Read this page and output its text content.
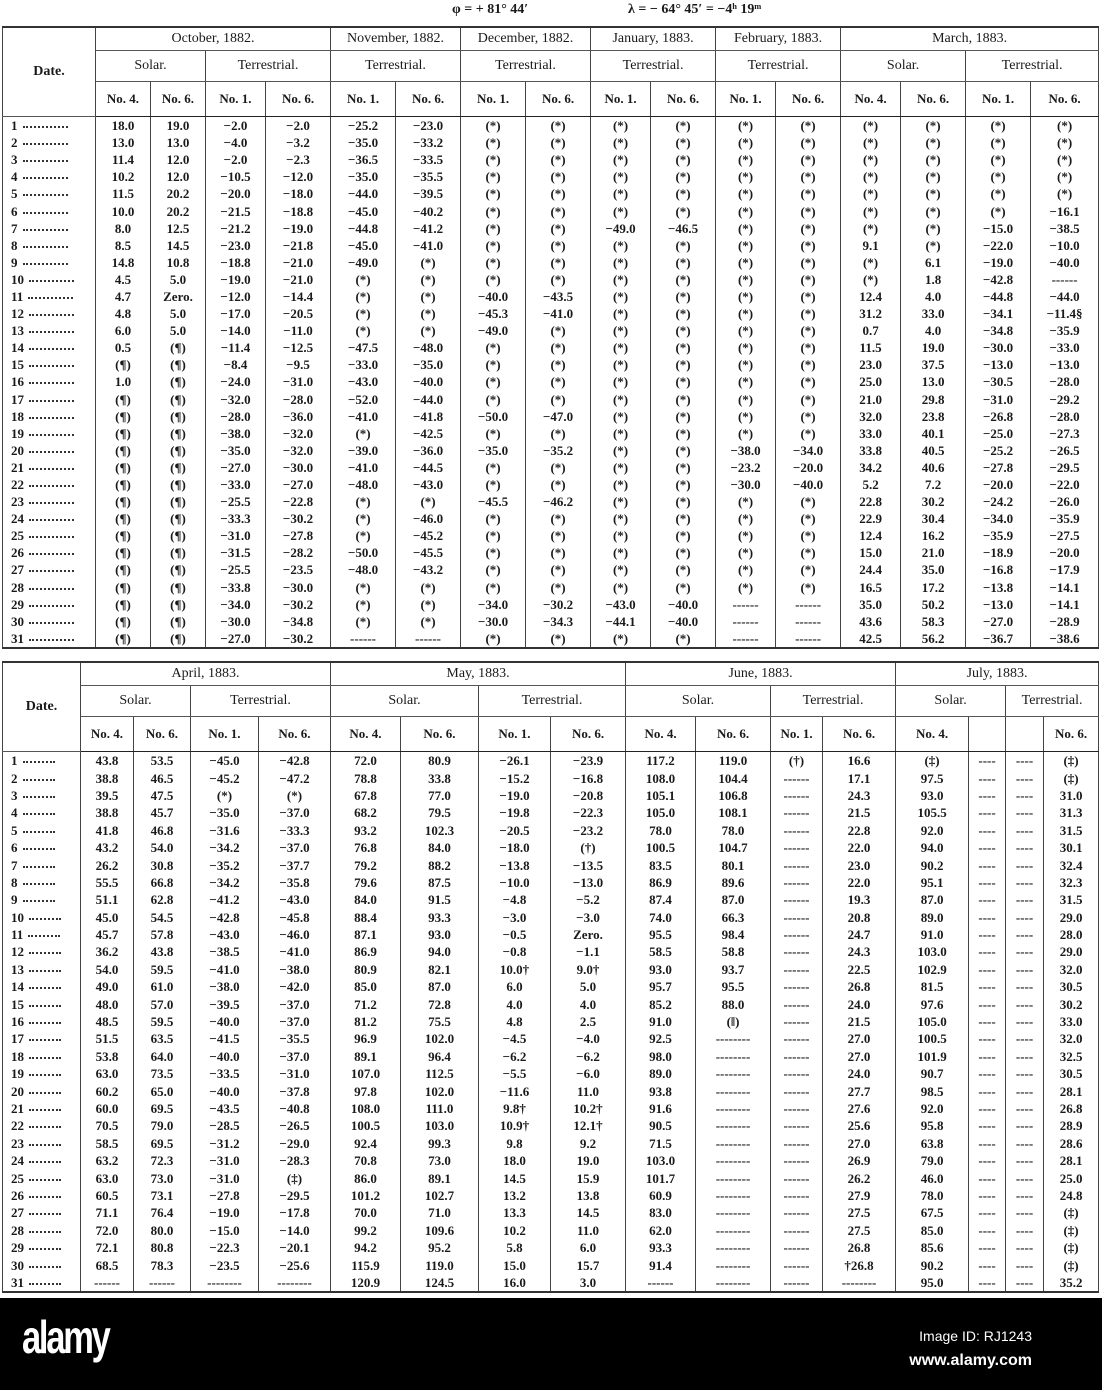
φ = + 81° 44′	λ = − 64° 45′ = −4ʰ 19ᵐ
Date.	October, 1882.				November, 1882.		December, 1882.		January, 1883.		February, 1883.		March, 1883.			
	Solar.		Terrestrial.		Terrestrial.		Terrestrial.		Terrestrial.		Terrestrial.		Solar.		Terrestrial.	
	No. 4.	No. 6.	No. 1.	No. 6.	No. 1.	No. 6.	No. 1.	No. 6.	No. 1.	No. 6.	No. 1.	No. 6.	No. 4.	No. 6.	No. 1.	No. 6.
1	18.0	19.0	−2.0	−2.0	−25.2	−23.0	(*)	(*)	(*)	(*)	(*)	(*)	(*)	(*)	(*)	(*)
2	13.0	13.0	−4.0	−3.2	−35.0	−33.2	(*)	(*)	(*)	(*)	(*)	(*)	(*)	(*)	(*)	(*)
3	11.4	12.0	−2.0	−2.3	−36.5	−33.5	(*)	(*)	(*)	(*)	(*)	(*)	(*)	(*)	(*)	(*)
4	10.2	12.0	−10.5	−12.0	−35.0	−35.5	(*)	(*)	(*)	(*)	(*)	(*)	(*)	(*)	(*)	(*)
5	11.5	20.2	−20.0	−18.0	−44.0	−39.5	(*)	(*)	(*)	(*)	(*)	(*)	(*)	(*)	(*)	(*)
6	10.0	20.2	−21.5	−18.8	−45.0	−40.2	(*)	(*)	(*)	(*)	(*)	(*)	(*)	(*)	(*)	−16.1
7	8.0	12.5	−21.2	−19.0	−44.8	−41.2	(*)	(*)	−49.0	−46.5	(*)	(*)	(*)	(*)	−15.0	−38.5
8	8.5	14.5	−23.0	−21.8	−45.0	−41.0	(*)	(*)	(*)	(*)	(*)	(*)	9.1	(*)	−22.0	−10.0
9	14.8	10.8	−18.8	−21.0	−49.0	(*)	(*)	(*)	(*)	(*)	(*)	(*)	(*)	6.1	−19.0	−40.0
10	4.5	5.0	−19.0	−21.0	(*)	(*)	(*)	(*)	(*)	(*)	(*)	(*)	(*)	1.8	−42.8	------
11	4.7	Zero.	−12.0	−14.4	(*)	(*)	−40.0	−43.5	(*)	(*)	(*)	(*)	12.4	4.0	−44.8	−44.0
12	4.8	5.0	−17.0	−20.5	(*)	(*)	−45.3	−41.0	(*)	(*)	(*)	(*)	31.2	33.0	−34.1	−11.4§
13	6.0	5.0	−14.0	−11.0	(*)	(*)	−49.0	(*)	(*)	(*)	(*)	(*)	0.7	4.0	−34.8	−35.9
14	0.5	(¶)	−11.4	−12.5	−47.5	−48.0	(*)	(*)	(*)	(*)	(*)	(*)	11.5	19.0	−30.0	−33.0
15	(¶)	(¶)	−8.4	−9.5	−33.0	−35.0	(*)	(*)	(*)	(*)	(*)	(*)	23.0	37.5	−13.0	−13.0
16	1.0	(¶)	−24.0	−31.0	−43.0	−40.0	(*)	(*)	(*)	(*)	(*)	(*)	25.0	13.0	−30.5	−28.0
17	(¶)	(¶)	−32.0	−28.0	−52.0	−44.0	(*)	(*)	(*)	(*)	(*)	(*)	21.0	29.8	−31.0	−29.2
18	(¶)	(¶)	−28.0	−36.0	−41.0	−41.8	−50.0	−47.0	(*)	(*)	(*)	(*)	32.0	23.8	−26.8	−28.0
19	(¶)	(¶)	−38.0	−32.0	(*)	−42.5	(*)	(*)	(*)	(*)	(*)	(*)	33.0	40.1	−25.0	−27.3
20	(¶)	(¶)	−35.0	−32.0	−39.0	−36.0	−35.0	−35.2	(*)	(*)	−38.0	−34.0	33.8	40.5	−25.2	−26.5
21	(¶)	(¶)	−27.0	−30.0	−41.0	−44.5	(*)	(*)	(*)	(*)	−23.2	−20.0	34.2	40.6	−27.8	−29.5
22	(¶)	(¶)	−33.0	−27.0	−48.0	−43.0	(*)	(*)	(*)	(*)	−30.0	−40.0	5.2	7.2	−20.0	−22.0
23	(¶)	(¶)	−25.5	−22.8	(*)	(*)	−45.5	−46.2	(*)	(*)	(*)	(*)	22.8	30.2	−24.2	−26.0
24	(¶)	(¶)	−33.3	−30.2	(*)	−46.0	(*)	(*)	(*)	(*)	(*)	(*)	22.9	30.4	−34.0	−35.9
25	(¶)	(¶)	−31.0	−27.8	(*)	−45.2	(*)	(*)	(*)	(*)	(*)	(*)	12.4	16.2	−35.9	−27.5
26	(¶)	(¶)	−31.5	−28.2	−50.0	−45.5	(*)	(*)	(*)	(*)	(*)	(*)	15.0	21.0	−18.9	−20.0
27	(¶)	(¶)	−25.5	−23.5	−48.0	−43.2	(*)	(*)	(*)	(*)	(*)	(*)	24.4	35.0	−16.8	−17.9
28	(¶)	(¶)	−33.8	−30.0	(*)	(*)	(*)	(*)	(*)	(*)	(*)	(*)	16.5	17.2	−13.8	−14.1
29	(¶)	(¶)	−34.0	−30.2	(*)	(*)	−34.0	−30.2	−43.0	−40.0	------	------	35.0	50.2	−13.0	−14.1
30	(¶)	(¶)	−30.0	−34.8	(*)	(*)	−30.0	−34.3	−44.1	−40.0	------	------	43.6	58.3	−27.0	−28.9
31	(¶)	(¶)	−27.0	−30.2	------	------	(*)	(*)	(*)	(*)	------	------	42.5	56.2	−36.7	−38.6
Date.	April, 1883.				May, 1883.				June, 1883.				July, 1883.			
	Solar.		Terrestrial.		Solar.		Terrestrial.		Solar.		Terrestrial.		Solar.		Terrestrial.	
	No. 4.	No. 6.	No. 1.	No. 6.	No. 4.	No. 6.	No. 1.	No. 6.	No. 4.	No. 6.	No. 1.	No. 6.	No. 4.			No. 6.
1	43.8	53.5	−45.0	−42.8	72.0	80.9	−26.1	−23.9	117.2	119.0	(†)	16.6	(‡)	----	----	(‡)
2	38.8	46.5	−45.2	−47.2	78.8	33.8	−15.2	−16.8	108.0	104.4	------	17.1	97.5	----	----	(‡)
3	39.5	47.5	(*)	(*)	67.8	77.0	−19.0	−20.8	105.1	106.8	------	24.3	93.0	----	----	31.0
4	38.8	45.7	−35.0	−37.0	68.2	79.5	−19.8	−22.3	105.0	108.1	------	21.5	105.5	----	----	31.3
5	41.8	46.8	−31.6	−33.3	93.2	102.3	−20.5	−23.2	78.0	78.0	------	22.8	92.0	----	----	31.5
6	43.2	54.0	−34.2	−37.0	76.8	84.0	−18.0	(†)	100.5	104.7	------	22.0	94.0	----	----	30.1
7	26.2	30.8	−35.2	−37.7	79.2	88.2	−13.8	−13.5	83.5	80.1	------	23.0	90.2	----	----	32.4
8	55.5	66.8	−34.2	−35.8	79.6	87.5	−10.0	−13.0	86.9	89.6	------	22.0	95.1	----	----	32.3
9	51.1	62.8	−41.2	−43.0	84.0	91.5	−4.8	−5.2	87.4	87.0	------	19.3	87.0	----	----	31.5
10	45.0	54.5	−42.8	−45.8	88.4	93.3	−3.0	−3.0	74.0	66.3	------	20.8	89.0	----	----	29.0
11	45.7	57.8	−43.0	−46.0	87.1	93.0	−0.5	Zero.	95.5	98.4	------	24.7	91.0	----	----	28.0
12	36.2	43.8	−38.5	−41.0	86.9	94.0	−0.8	−1.1	58.5	58.8	------	24.3	103.0	----	----	29.0
13	54.0	59.5	−41.0	−38.0	80.9	82.1	10.0†	9.0†	93.0	93.7	------	22.5	102.9	----	----	32.0
14	49.0	61.0	−38.0	−42.0	85.0	87.0	6.0	5.0	95.7	95.5	------	26.8	81.5	----	----	30.5
15	48.0	57.0	−39.5	−37.0	71.2	72.8	4.0	4.0	85.2	88.0	------	24.0	97.6	----	----	30.2
16	48.5	59.5	−40.0	−37.0	81.2	75.5	4.8	2.5	91.0	(‖)	------	21.5	105.0	----	----	33.0
17	51.5	63.5	−41.5	−35.5	96.9	102.0	−4.5	−4.0	92.5	--------	------	27.0	100.5	----	----	32.0
18	53.8	64.0	−40.0	−37.0	89.1	96.4	−6.2	−6.2	98.0	--------	------	27.0	101.9	----	----	32.5
19	63.0	73.5	−33.5	−31.0	107.0	112.5	−5.5	−6.0	89.0	--------	------	24.0	90.7	----	----	30.5
20	60.2	65.0	−40.0	−37.8	97.8	102.0	−11.6	11.0	93.8	--------	------	27.7	98.5	----	----	28.1
21	60.0	69.5	−43.5	−40.8	108.0	111.0	9.8†	10.2†	91.6	--------	------	27.6	92.0	----	----	26.8
22	70.5	79.0	−28.5	−26.5	100.5	103.0	10.9†	12.1†	90.5	--------	------	25.6	95.8	----	----	28.9
23	58.5	69.5	−31.2	−29.0	92.4	99.3	9.8	9.2	71.5	--------	------	27.0	63.8	----	----	28.6
24	63.2	72.3	−31.0	−28.3	70.8	73.0	18.0	19.0	103.0	--------	------	26.9	79.0	----	----	28.1
25	63.0	73.0	−31.0	(‡)	86.0	89.1	14.5	15.9	101.7	--------	------	26.2	46.0	----	----	25.0
26	60.5	73.1	−27.8	−29.5	101.2	102.7	13.2	13.8	60.9	--------	------	27.9	78.0	----	----	24.8
27	71.1	76.4	−19.0	−17.8	70.0	71.0	13.3	14.5	83.0	--------	------	27.5	67.5	----	----	(‡)
28	72.0	80.0	−15.0	−14.0	99.2	109.6	10.2	11.0	62.0	--------	------	27.5	85.0	----	----	(‡)
29	72.1	80.8	−22.3	−20.1	94.2	95.2	5.8	6.0	93.3	--------	------	26.8	85.6	----	----	(‡)
30	68.5	78.3	−23.5	−25.6	115.9	119.0	15.0	15.7	91.4	--------	------	†26.8	90.2	----	----	(‡)
31	------	------	--------	--------	120.9	124.5	16.0	3.0	------	--------	------	--------	95.0	----	----	35.2
alamy	Image ID: RJ1243
www.alamy.com
